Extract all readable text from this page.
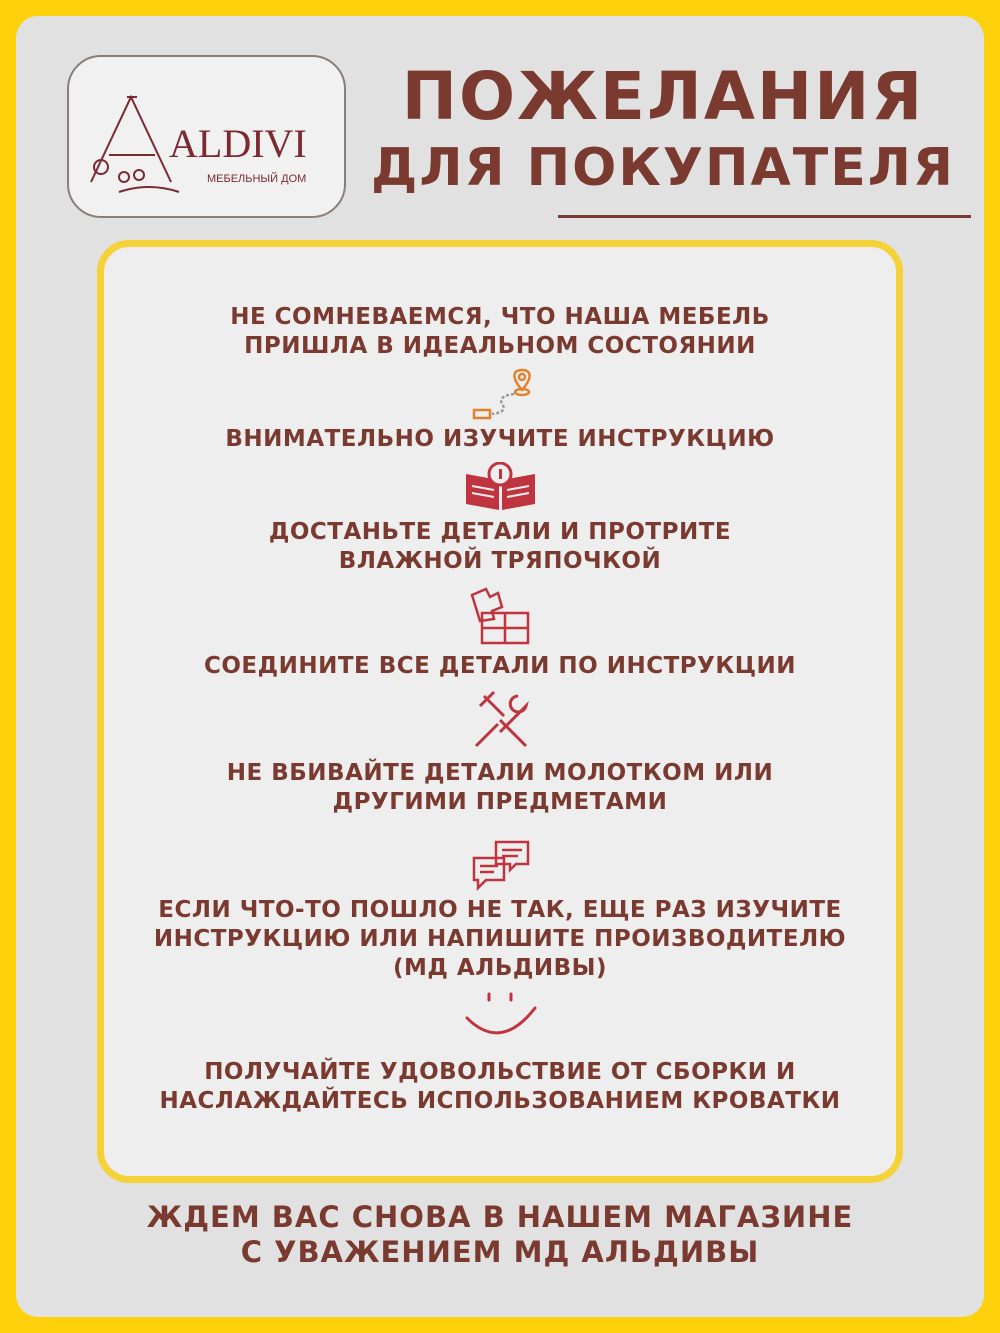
ALDIVI
МЕБЕЛЬНЫЙ ДОМ
ПОЖЕЛАНИЯ
ДЛЯ ПОКУПАТЕЛЯ
НЕ СОМНЕВАЕМСЯ, ЧТО НАША МЕБЕЛЬ
ПРИШЛА В ИДЕАЛЬНОМ СОСТОЯНИИ
ВНИМАТЕЛЬНО ИЗУЧИТЕ ИНСТРУКЦИЮ
ДОСТАНЬТЕ ДЕТАЛИ И ПРОТРИТЕ
ВЛАЖНОЙ ТРЯПОЧКОЙ
СОЕДИНИТЕ ВСЕ ДЕТАЛИ ПО ИНСТРУКЦИИ
НЕ ВБИВАЙТЕ ДЕТАЛИ МОЛОТКОМ ИЛИ
ДРУГИМИ ПРЕДМЕТАМИ
ЕСЛИ ЧТО-ТО ПОШЛО НЕ ТАК, ЕЩЕ РАЗ ИЗУЧИТЕ
ИНСТРУКЦИЮ ИЛИ НАПИШИТЕ ПРОИЗВОДИТЕЛЮ
(МД АЛЬДИВЫ)
ПОЛУЧАЙТЕ УДОВОЛЬСТВИЕ ОТ СБОРКИ И
НАСЛАЖДАЙТЕСЬ ИСПОЛЬЗОВАНИЕМ КРОВАТКИ
ЖДЕМ ВАС СНОВА В НАШЕМ МАГАЗИНЕ
С УВАЖЕНИЕМ МД АЛЬДИВЫ
